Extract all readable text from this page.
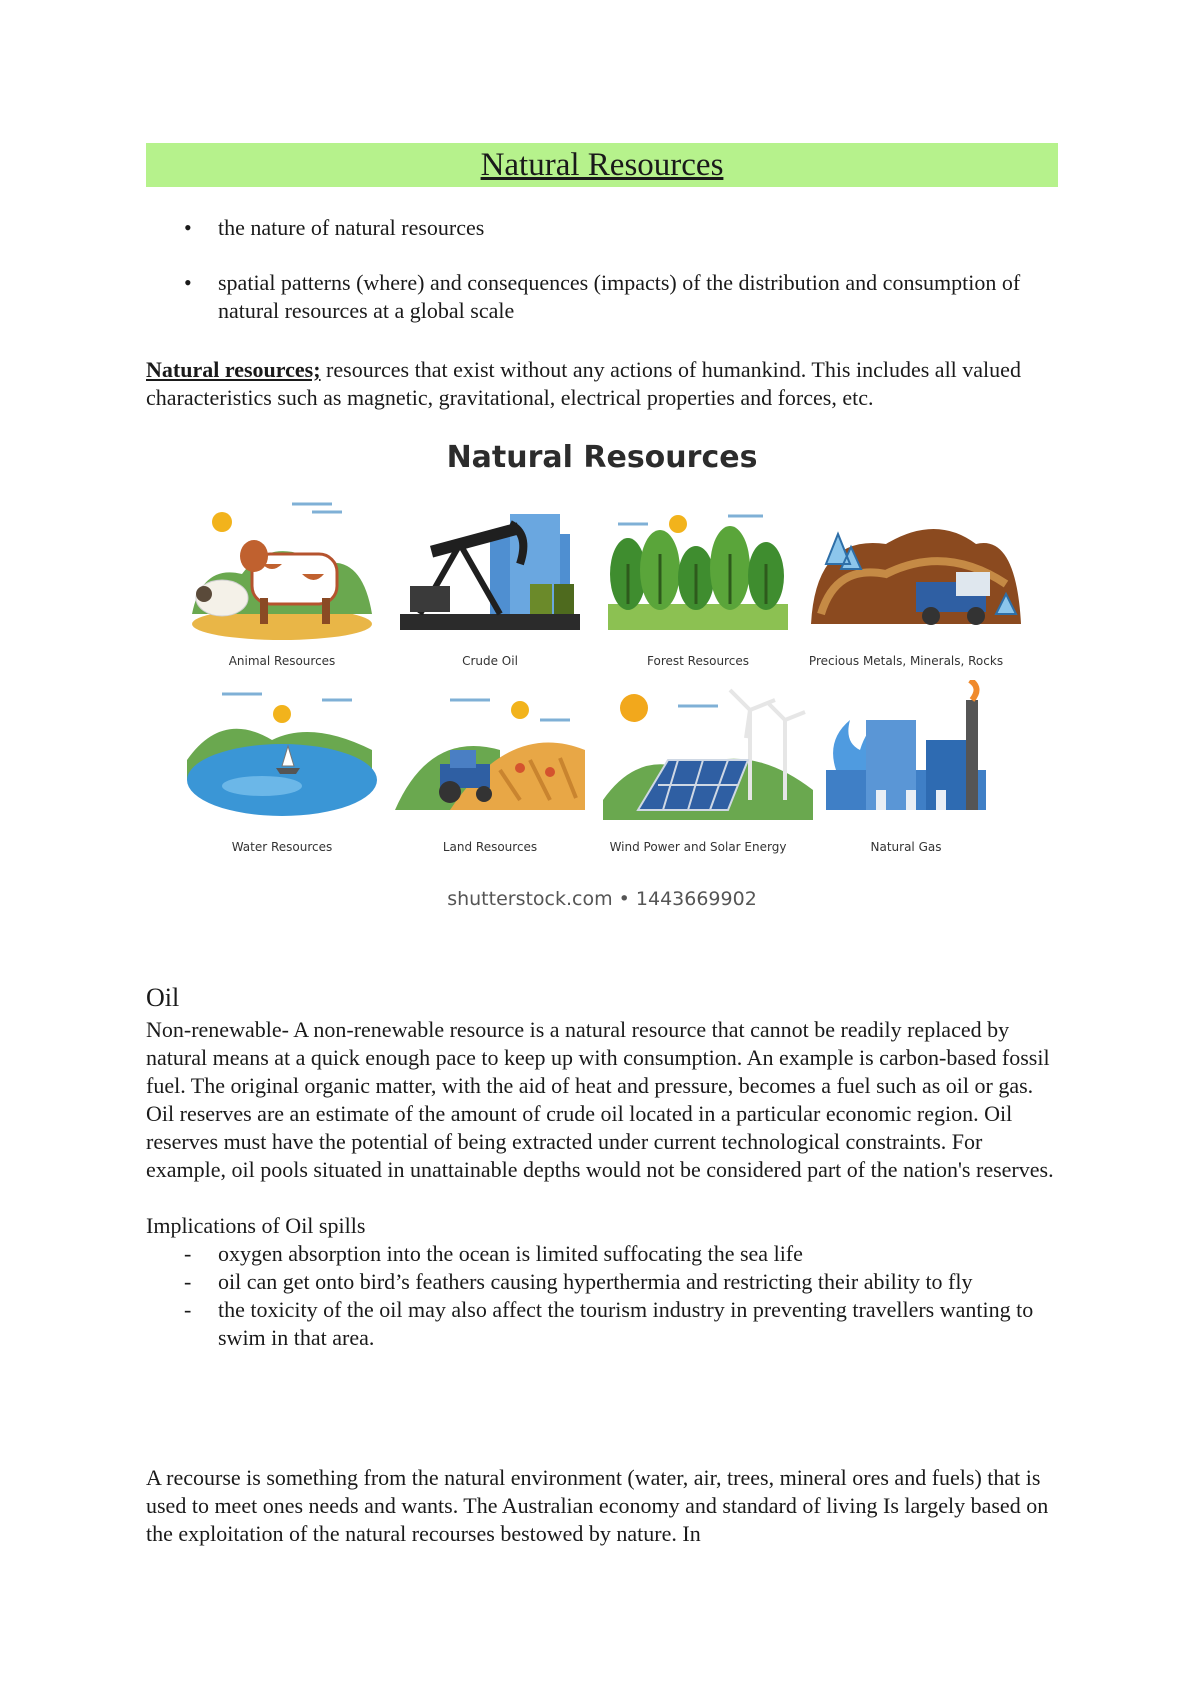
Natural Resources
• the nature of natural resources
• spatial patterns (where) and consequences (impacts) of the distribution and consumption of natural resources at a global scale
Natural resources; resources that exist without any actions of humankind. This includes all valued characteristics such as magnetic, gravitational, electrical properties and forces, etc.
Natural Resources
Animal Resources	Crude Oil	Forest Resources	Precious Metals, Minerals, Rocks
Water Resources	Land Resources	Wind Power and Solar Energy	Natural Gas
shutterstock.com • 1443669902
Oil

Non-renewable- A non-renewable resource is a natural resource that cannot be readily replaced by natural means at a quick enough pace to keep up with consumption. An example is carbon-based fossil fuel. The original organic matter, with the aid of heat and pressure, becomes a fuel such as oil or gas.

Oil reserves are an estimate of the amount of crude oil located in a particular economic region. Oil reserves must have the potential of being extracted under current technological constraints. For example, oil pools situated in unattainable depths would not be considered part of the nation's reserves.

Implications of Oil spills
- oxygen absorption into the ocean is limited suffocating the sea life
- oil can get onto bird’s feathers causing hyperthermia and restricting their ability to fly
- the toxicity of the oil may also affect the tourism industry in preventing travellers wanting to swim in that area.

A recourse is something from the natural environment (water, air, trees, mineral ores and fuels) that is used to meet ones needs and wants. The Australian economy and standard of living Is largely based on the exploitation of the natural recourses bestowed by nature. In
